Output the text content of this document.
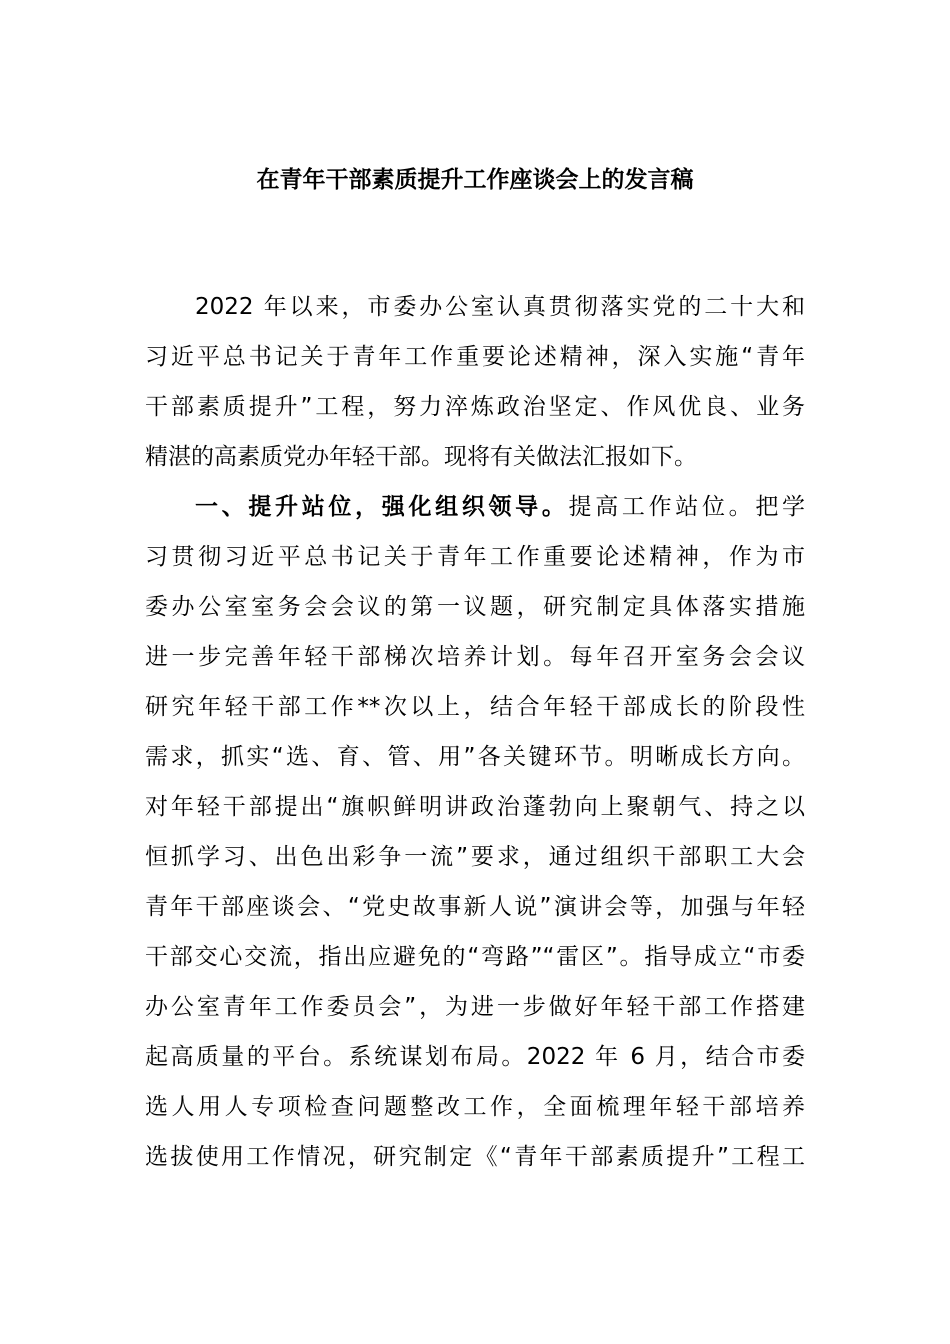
在青年干部素质提升工作座谈会上的发言稿
2022 年以来，市委办公室认真贯彻落实党的二十大和
习近平总书记关于青年工作重要论述精神，深入实施“青年
干部素质提升”工程，努力淬炼政治坚定、作风优良、业务
精湛的高素质党办年轻干部。现将有关做法汇报如下。
一、提升站位，强化组织领导。提高工作站位。把学
习贯彻习近平总书记关于青年工作重要论述精神，作为市
委办公室室务会会议的第一议题，研究制定具体落实措施
进一步完善年轻干部梯次培养计划。每年召开室务会会议
研究年轻干部工作**次以上，结合年轻干部成长的阶段性
需求，抓实“选、育、管、用”各关键环节。明晰成长方向。
对年轻干部提出“旗帜鲜明讲政治蓬勃向上聚朝气、持之以
恒抓学习、出色出彩争一流”要求，通过组织干部职工大会
青年干部座谈会、“党史故事新人说”演讲会等，加强与年轻
干部交心交流，指出应避免的“弯路”“雷区”。指导成立“市委
办公室青年工作委员会”，为进一步做好年轻干部工作搭建
起高质量的平台。系统谋划布局。2022 年 6 月，结合市委
选人用人专项检查问题整改工作，全面梳理年轻干部培养
选拔使用工作情况，研究制定《“青年干部素质提升”工程工
